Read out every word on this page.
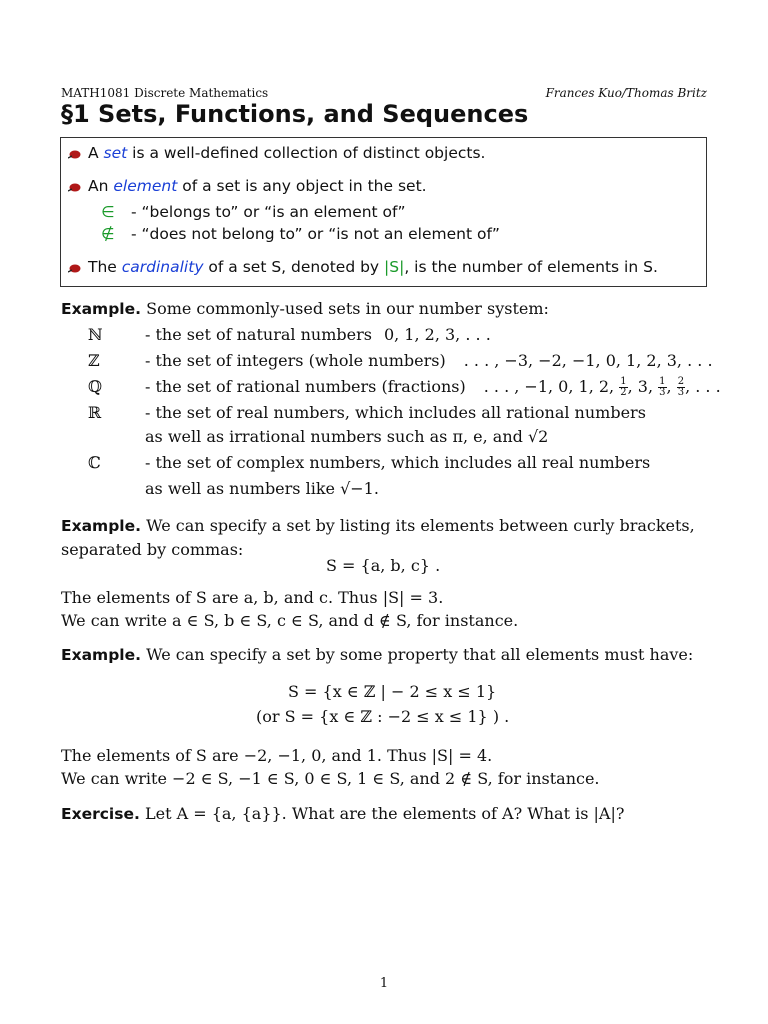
MATH1081 Discrete Mathematics	Frances Kuo/Thomas Britz
§1 Sets, Functions, and Sequences
A set is a well-defined collection of distinct objects.
An element of a set is any object in the set.
∈ - “belongs to” or “is an element of”
∉ - “does not belong to” or “is not an element of”
The cardinality of a set S, denoted by |S|, is the number of elements in S.
Example. Some commonly-used sets in our number system:
ℕ	- the set of natural numbers 0, 1, 2, 3, . . .
ℤ	- the set of integers (whole numbers) . . . , −3, −2, −1, 0, 1, 2, 3, . . .
ℚ	- the set of rational numbers (fractions) . . . , −1, 0, 1, 2, $\frac{1}{2}$ , 3, $\frac{1}{3}$ , $\frac{2}{3}$ , . . .
ℝ	- the set of real numbers, which includes all rational numbers
as well as irrational numbers such as π, e, and √2
ℂ	- the set of complex numbers, which includes all real numbers
as well as numbers like √−1.
Example. We can specify a set by listing its elements between curly brackets,
separated by commas:
S = {a, b, c} .
The elements of S are a, b, and c. Thus |S| = 3.
We can write a ∈ S, b ∈ S, c ∈ S, and d ∉ S, for instance.
Example. We can specify a set by some property that all elements must have:
S = {x ∈ ℤ | − 2 ≤ x ≤ 1}
(or S = {x ∈ ℤ : −2 ≤ x ≤ 1} ) .
The elements of S are −2, −1, 0, and 1. Thus |S| = 4.
We can write −2 ∈ S, −1 ∈ S, 0 ∈ S, 1 ∈ S, and 2 ∉ S, for instance.
Exercise. Let A = {a, {a}}. What are the elements of A? What is |A|?
1
